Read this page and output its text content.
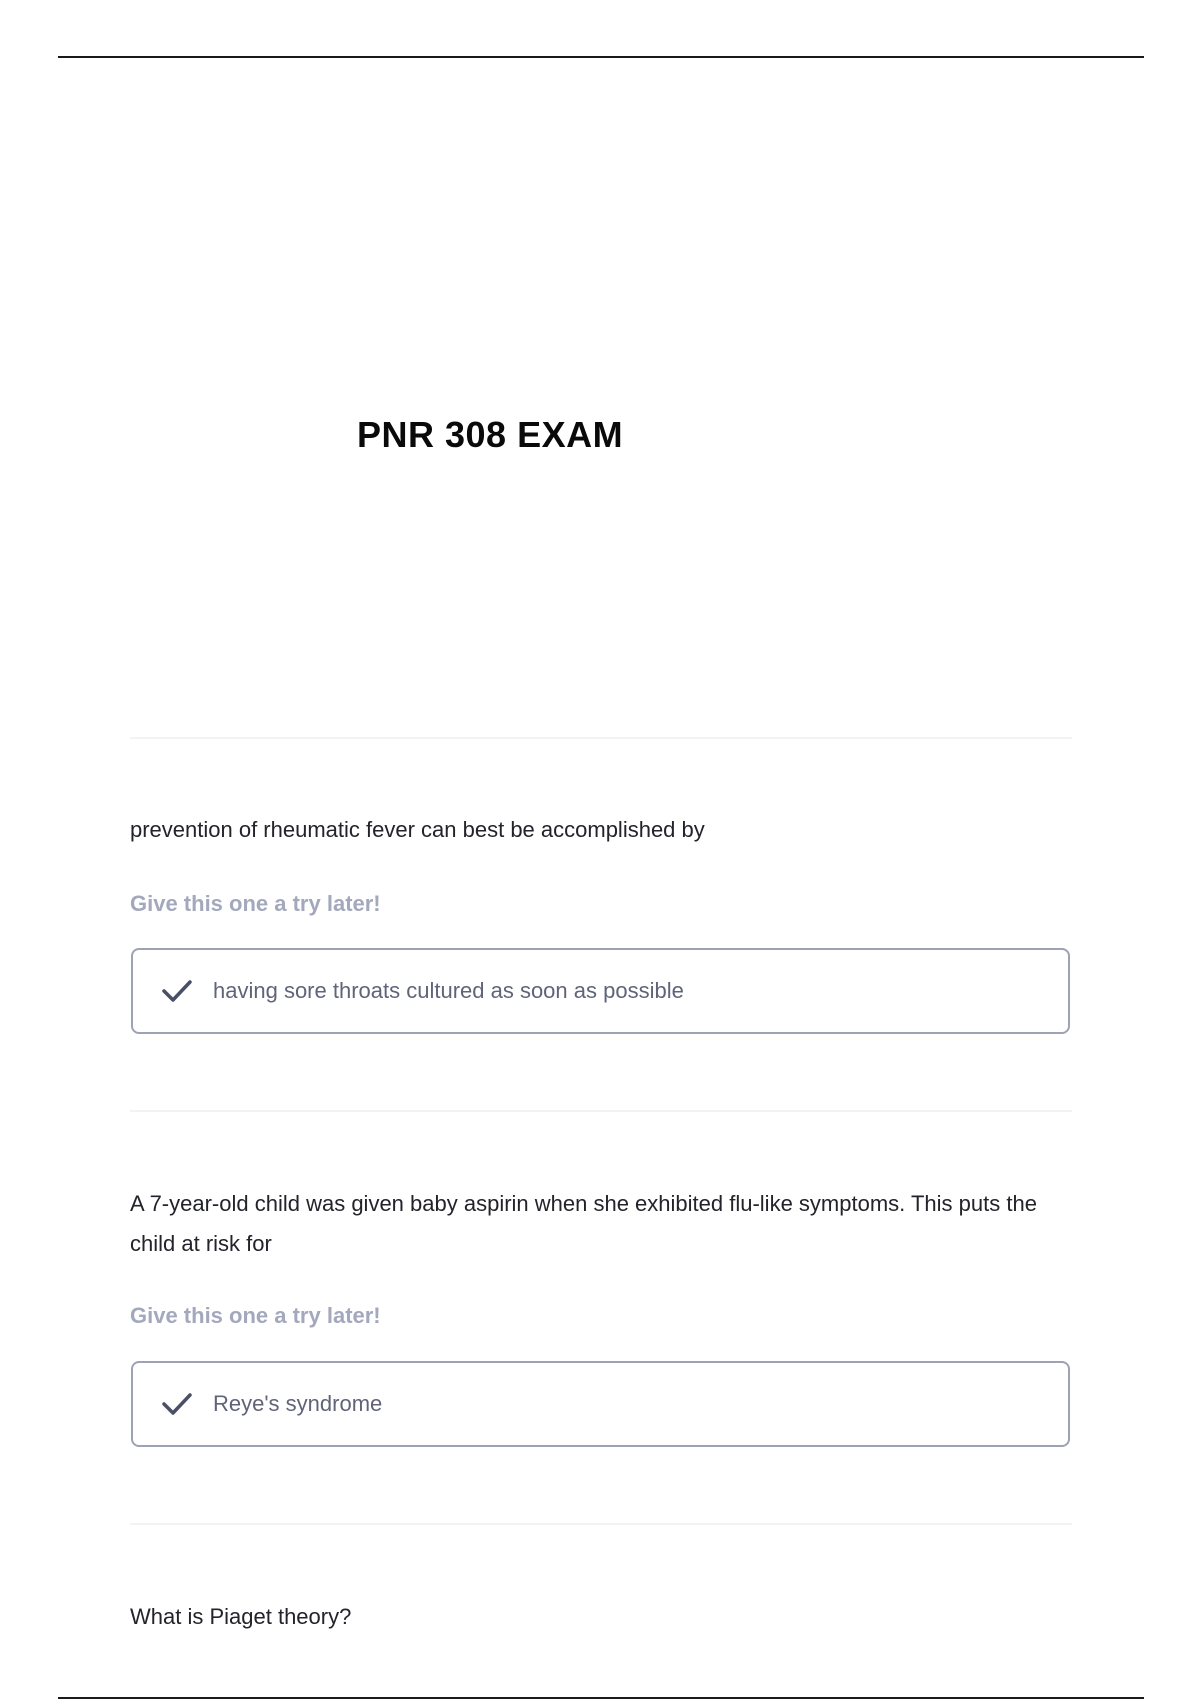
PNR 308 EXAM
prevention of rheumatic fever can best be accomplished by
Give this one a try later!
having sore throats cultured as soon as possible
A 7-year-old child was given baby aspirin when she exhibited flu-like symptoms. This puts the child at risk for
Give this one a try later!
Reye's syndrome
What is Piaget theory?
